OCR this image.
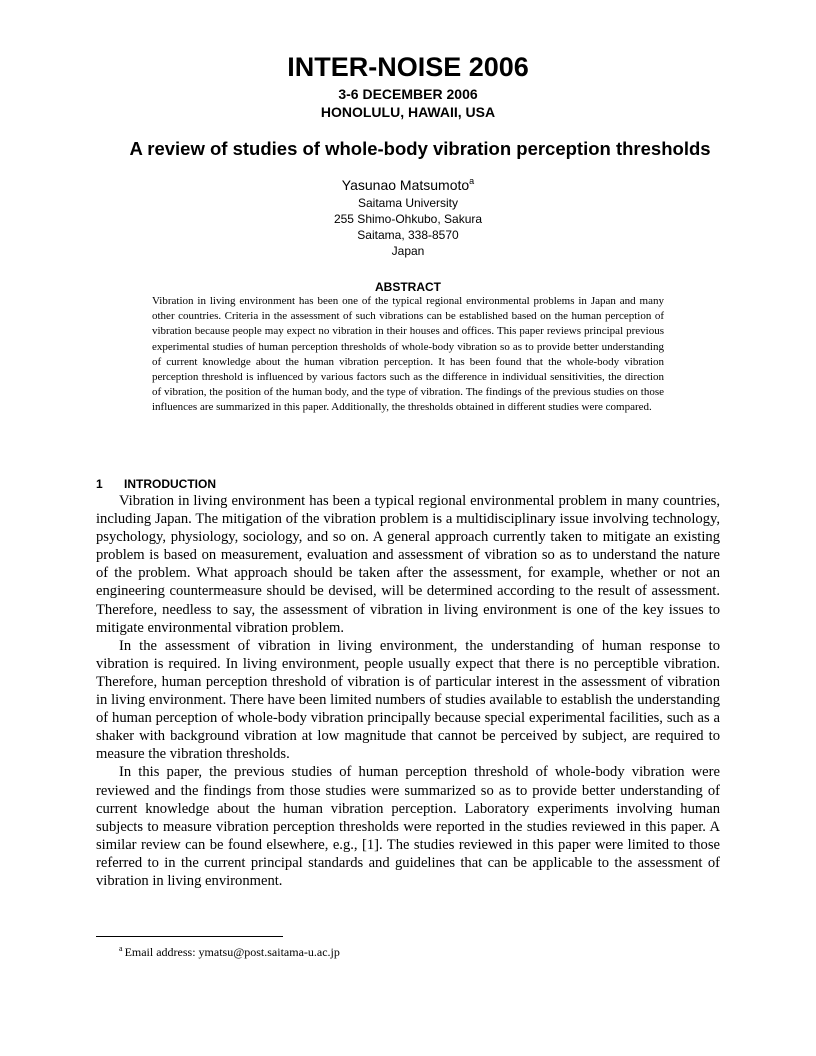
INTER-NOISE 2006
3-6 DECEMBER 2006
HONOLULU, HAWAII, USA
A review of studies of whole-body vibration perception thresholds
Yasunao Matsumoto$^a$
Saitama University
255 Shimo-Ohkubo, Sakura
Saitama, 338-8570
Japan
ABSTRACT
Vibration in living environment has been one of the typical regional environmental problems in Japan and many other countries. Criteria in the assessment of such vibrations can be established based on the human perception of vibration because people may expect no vibration in their houses and offices. This paper reviews principal previous experimental studies of human perception thresholds of whole-body vibration so as to provide better understanding of current knowledge about the human vibration perception. It has been found that the whole-body vibration perception threshold is influenced by various factors such as the difference in individual sensitivities, the direction of vibration, the position of the human body, and the type of vibration. The findings of the previous studies on those influences are summarized in this paper. Additionally, the thresholds obtained in different studies were compared.
1 INTRODUCTION

Vibration in living environment has been a typical regional environmental problem in many countries, including Japan. The mitigation of the vibration problem is a multidisciplinary issue involving technology, psychology, physiology, sociology, and so on. A general approach currently taken to mitigate an existing problem is based on measurement, evaluation and assessment of vibration so as to understand the nature of the problem. What approach should be taken after the assessment, for example, whether or not an engineering countermeasure should be devised, will be determined according to the result of assessment. Therefore, needless to say, the assessment of vibration in living environment is one of the key issues to mitigate environmental vibration problem.

In the assessment of vibration in living environment, the understanding of human response to vibration is required. In living environment, people usually expect that there is no perceptible vibration. Therefore, human perception threshold of vibration is of particular interest in the assessment of vibration in living environment. There have been limited numbers of studies available to establish the understanding of human perception of whole-body vibration principally because special experimental facilities, such as a shaker with background vibration at low magnitude that cannot be perceived by subject, are required to measure the vibration thresholds.

In this paper, the previous studies of human perception threshold of whole-body vibration were reviewed and the findings from those studies were summarized so as to provide better understanding of current knowledge about the human vibration perception. Laboratory experiments involving human subjects to measure vibration perception thresholds were reported in the studies reviewed in this paper. A similar review can be found elsewhere, e.g., [1]. The studies reviewed in this paper were limited to those referred to in the current principal standards and guidelines that can be applicable to the assessment of vibration in living environment.

$^a$ Email address: ymatsu@post.saitama-u.ac.jp
